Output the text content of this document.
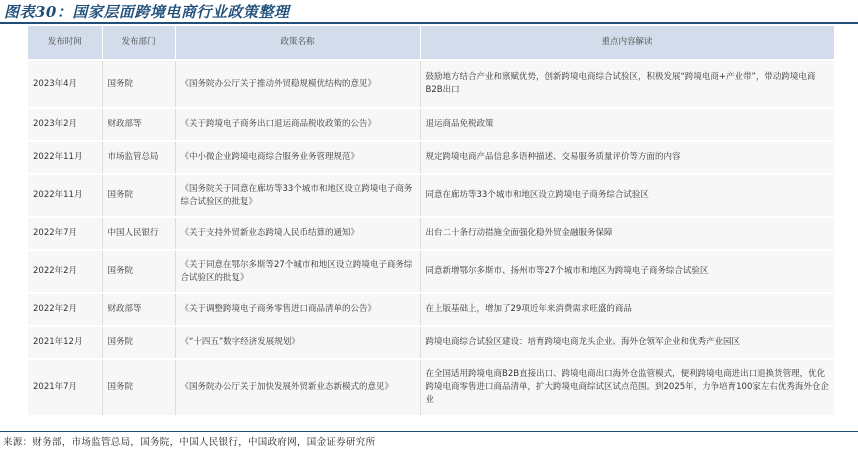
图表30：国家层面跨境电商行业政策整理
发布时间	发布部门	政策名称	重点内容解读
2023年4月	国务院	《国务院办公厅关于推动外贸稳规模优结构的意见》	鼓励地方结合产业和禀赋优势，创新跨境电商综合试验区，积极发展“跨境电商+产业带”，带动跨境电商B2B出口
2023年2月	财政部等	《关于跨境电子商务出口退运商品税收政策的公告》	退运商品免税政策
2022年11月	市场监管总局	《中小微企业跨境电商综合服务业务管理规范》	规定跨境电商产品信息多语种描述、交易服务质量评价等方面的内容
2022年11月	国务院	《国务院关于同意在廊坊等33个城市和地区设立跨境电子商务综合试验区的批复》	同意在廊坊等33个城市和地区设立跨境电子商务综合试验区
2022年7月	中国人民银行	《关于支持外贸新业态跨境人民币结算的通知》	出台二十条行动措施全面强化稳外贸金融服务保障
2022年2月	国务院	《关于同意在鄂尔多斯等27个城市和地区设立跨境电子商务综合试验区的批复》	同意新增鄂尔多斯市、扬州市等27个城市和地区为跨境电子商务综合试验区
2022年2月	财政部等	《关于调整跨境电子商务零售进口商品清单的公告》	在上版基础上，增加了29项近年来消费需求旺盛的商品
2021年12月	国务院	《“十四五”数字经济发展规划》	跨境电商综合试验区建设：培育跨境电商龙头企业、海外仓领军企业和优秀产业园区
2021年7月	国务院	《国务院办公厅关于加快发展外贸新业态新模式的意见》	在全国适用跨境电商B2B直接出口、跨境电商出口海外仓监管模式，便利跨境电商进出口退换货管理，优化跨境电商零售进口商品清单，扩大跨境电商综试区试点范围。到2025年，力争培育100家左右优秀海外仓企业
来源：财务部，市场监管总局，国务院，中国人民银行，中国政府网，国金证券研究所
